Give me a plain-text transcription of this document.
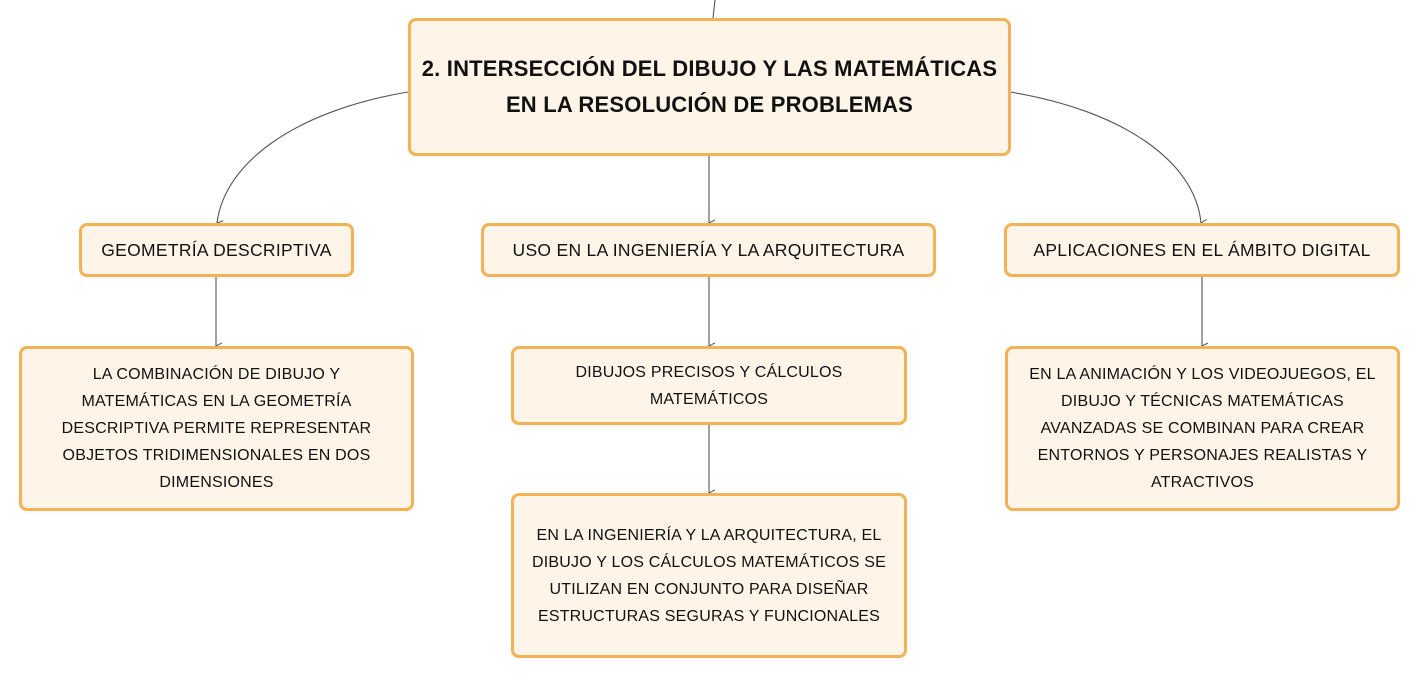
2. INTERSECCIÓN DEL DIBUJO Y LAS MATEMÁTICAS EN LA RESOLUCIÓN DE PROBLEMAS
GEOMETRÍA DESCRIPTIVA	USO EN LA INGENIERÍA Y LA ARQUITECTURA	APLICACIONES EN EL ÁMBITO DIGITAL
LA COMBINACIÓN DE DIBUJO Y MATEMÁTICAS EN LA GEOMETRÍA DESCRIPTIVA PERMITE REPRESENTAR OBJETOS TRIDIMENSIONALES EN DOS DIMENSIONES
DIBUJOS PRECISOS Y CÁLCULOS MATEMÁTICOS
EN LA INGENIERÍA Y LA ARQUITECTURA, EL DIBUJO Y LOS CÁLCULOS MATEMÁTICOS SE UTILIZAN EN CONJUNTO PARA DISEÑAR ESTRUCTURAS SEGURAS Y FUNCIONALES
EN LA ANIMACIÓN Y LOS VIDEOJUEGOS, EL DIBUJO Y TÉCNICAS MATEMÁTICAS AVANZADAS SE COMBINAN PARA CREAR ENTORNOS Y PERSONAJES REALISTAS Y ATRACTIVOS
